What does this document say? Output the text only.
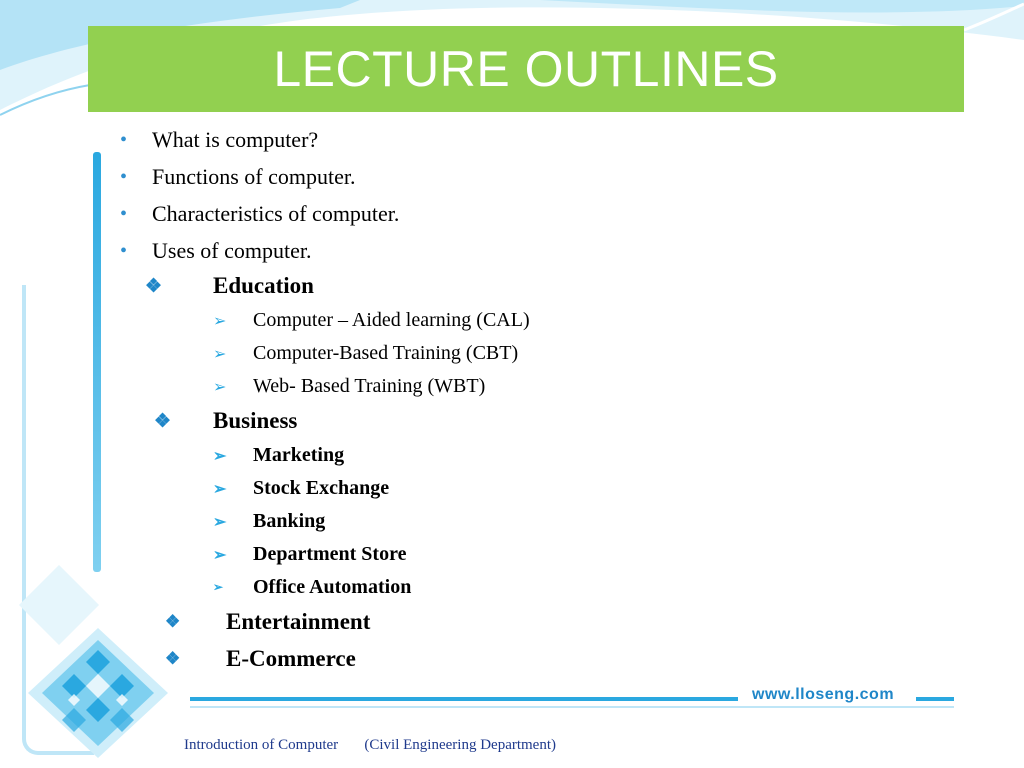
LECTURE OUTLINES
•	What is computer?
•	Functions of computer.
•	Characteristics of computer.
•	Uses of computer.
❖	Education
➢	Computer – Aided learning (CAL)
➢	Computer-Based Training (CBT)
➢	Web- Based Training (WBT)
❖	Business
➢	Marketing
➢	Stock Exchange
➢	Banking
➢	Department Store
➢	Office Automation
❖	Entertainment
❖	E-Commerce
www.lloseng.com
Introduction of Computer (Civil Engineering Department)
